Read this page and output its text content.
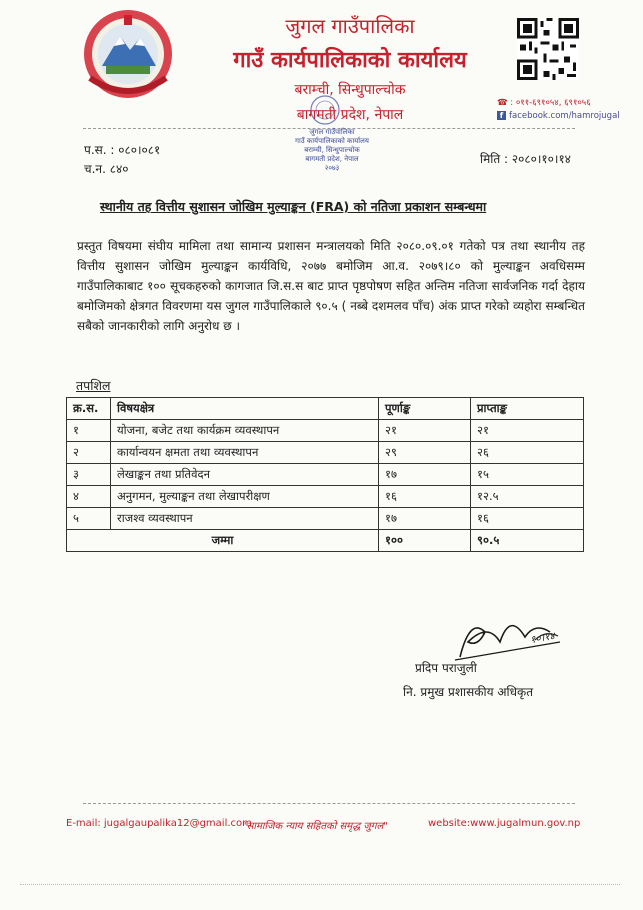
जुगल गाउँपालिका
गाउँ कार्यपालिकाको कार्यालय
बराम्ची, सिन्धुपाल्चोक
बागमती प्रदेश, नेपाल
☎ : ०११-६९१०५४, ६९१०५६
f facebook.com/hamrojugal
जुगल गाउँपालिका
गाउँ कार्यपालिकाको कार्यालय
बराम्ची, सिन्धुपाल्चोक
बागमती प्रदेश, नेपाल
२०७३
प.स. : ०८०।०८१
च.न. ८४०
मिति : २०८०।१०।१४
स्थानीय तह वित्तीय सुशासन जोखिम मुल्याङ्कन (FRA) को नतिजा प्रकाशन सम्बन्धमा
प्रस्तुत विषयमा संघीय मामिला तथा सामान्य प्रशासन मन्त्रालयको मिति २०८०.०९.०१ गतेको पत्र तथा स्थानीय तह वित्तीय सुशासन जोखिम मुल्याङ्कन कार्यविधि, २०७७ बमोजिम आ.व. २०७९।८० को मुल्याङ्कन अवधिसम्म गाउँपालिकाबाट १०० सूचकहरुको कागजात जि.स.स बाट प्राप्त पृष्ठपोषण सहित अन्तिम नतिजा सार्वजनिक गर्दा देहाय बमोजिमको क्षेत्रगत विवरणमा यस जुगल गाउँपालिकाले ९०.५ ( नब्बे दशमलव पाँच) अंक प्राप्त गरेको व्यहोरा सम्बन्धित सबैको जानकारीको लागि अनुरोध छ ।
तपशिल
क्र.स.	विषयक्षेत्र	पूर्णाङ्क	प्राप्ताङ्क
१	योजना, बजेट तथा कार्यक्रम व्यवस्थापन	२१	२१
२	कार्यान्वयन क्षमता तथा व्यवस्थापन	२९	२६
३	लेखाङ्कन तथा प्रतिवेदन	१७	१५
४	अनुगमन, मुल्याङ्कन तथा लेखापरीक्षण	१६	१२.५
५	राजश्व व्यवस्थापन	१७	१६
जम्मा		१००	९०.५
१०।१४
प्रदिप पराजुली
नि. प्रमुख प्रशासकीय अधिकृत
E-mail: jugalgaupalika12@gmail.com
"सामाजिक न्याय सहितको समृद्ध जुगल"	website:www.jugalmun.gov.np
